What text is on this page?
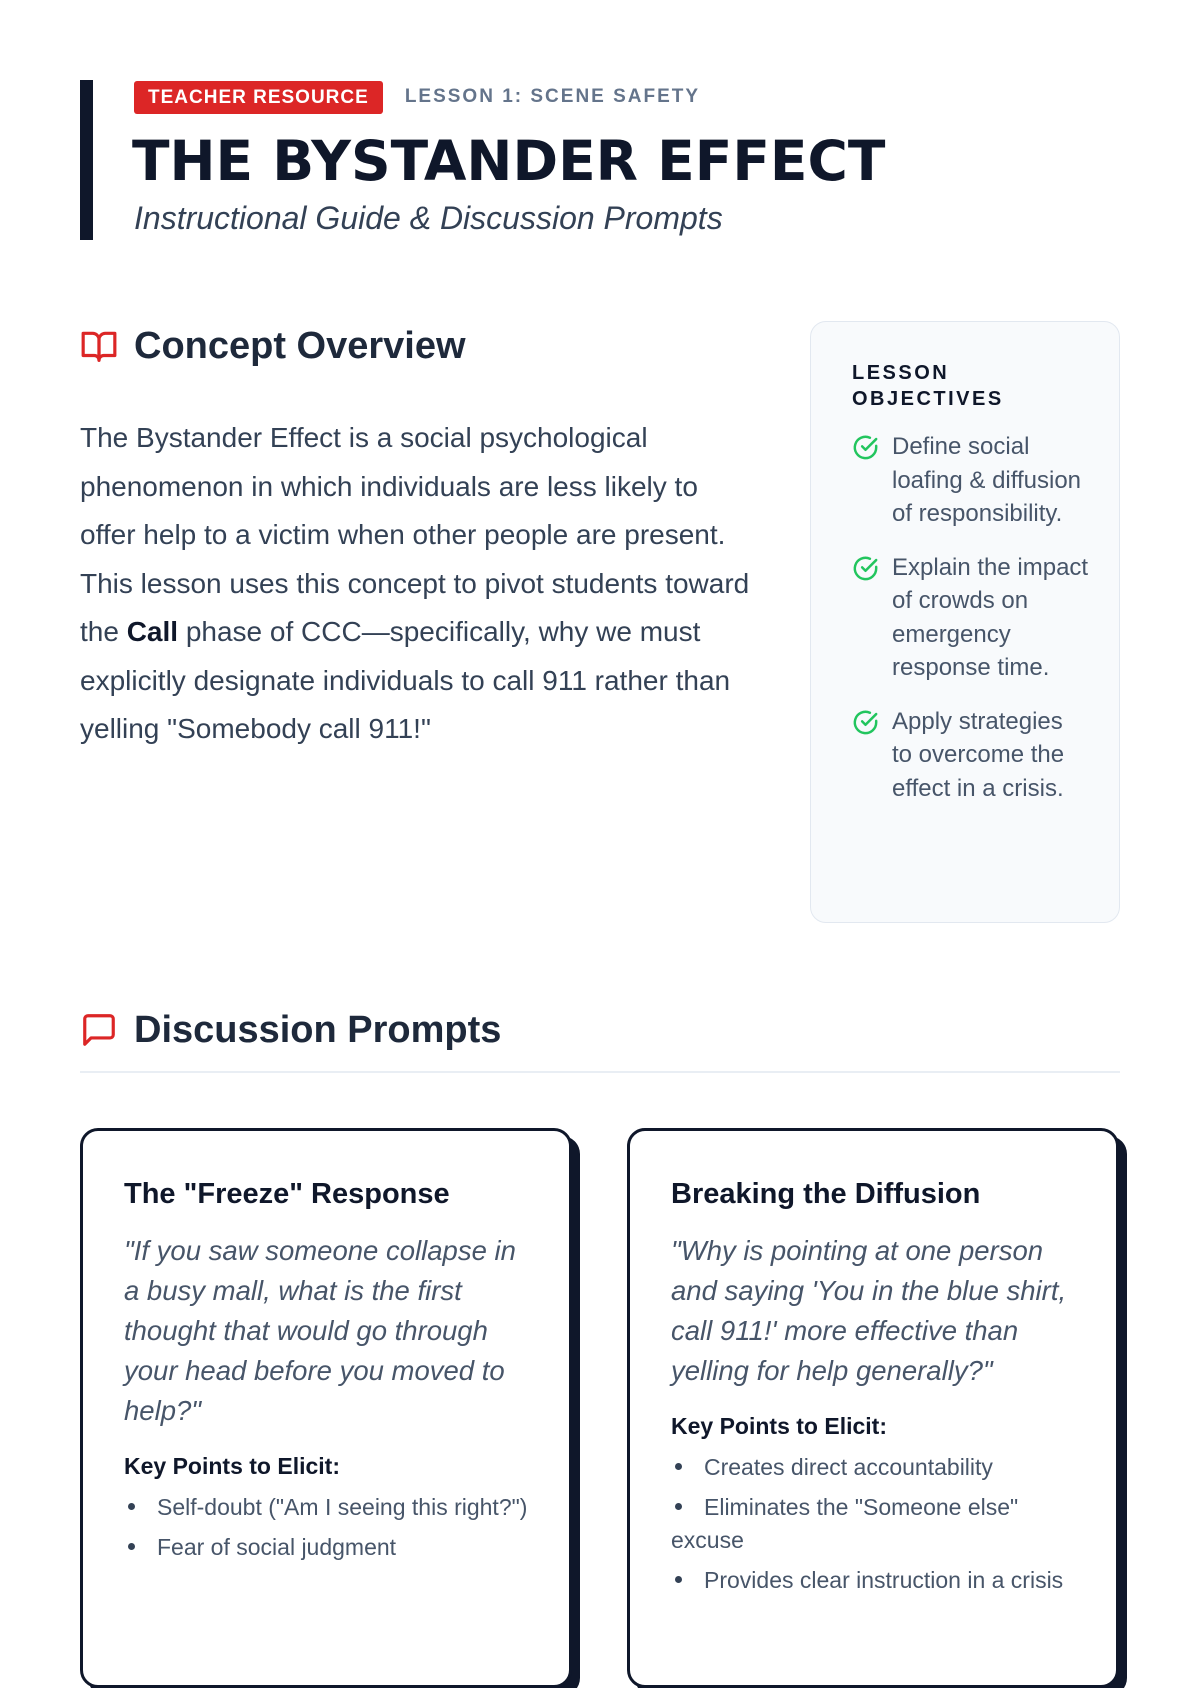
TEACHER RESOURCE	LESSON 1: SCENE SAFETY
THE BYSTANDER EFFECT

Instructional Guide & Discussion Prompts

Concept Overview

The Bystander Effect is a social psychological phenomenon in which individuals are less likely to offer help to a victim when other people are present. This lesson uses this concept to pivot students toward the Call phase of CCC—specifically, why we must explicitly designate individuals to call 911 rather than yelling "Somebody call 911!"

LESSON OBJECTIVES
Define social loafing & diffusion of responsibility.
Explain the impact of crowds on emergency response time.
Apply strategies to overcome the effect in a crisis.
Discussion Prompts
The "Freeze" Response

"If you saw someone collapse in a busy mall, what is the first thought that would go through your head before you moved to help?"

Key Points to Elicit:

Self-doubt ("Am I seeing this right?")
Fear of social judgment
Breaking the Diffusion

"Why is pointing at one person and saying 'You in the blue shirt, call 911!' more effective than yelling for help generally?"

Key Points to Elicit:

Creates direct accountability
Eliminates the "Someone else" excuse
Provides clear instruction in a crisis
